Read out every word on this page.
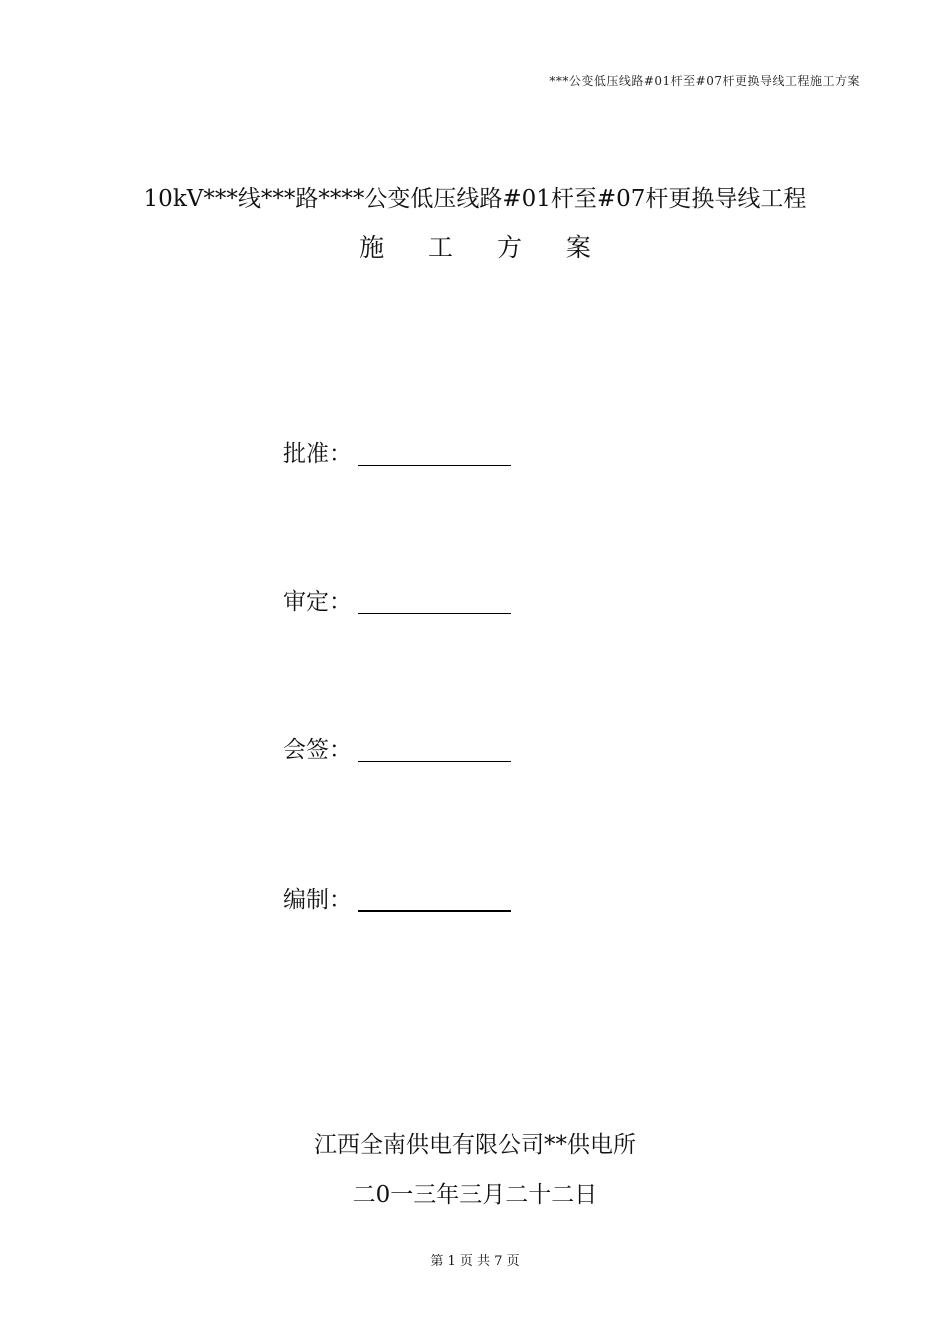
***公变低压线路#01杆至#07杆更换导线工程施工方案
10kV***线***路****公变低压线路#01杆至#07杆更换导线工程
施 工 方 案
批准：
审定：
会签：
编制：
江西全南供电有限公司**供电所
二0一三年三月二十二日
第 1 页 共 7 页
